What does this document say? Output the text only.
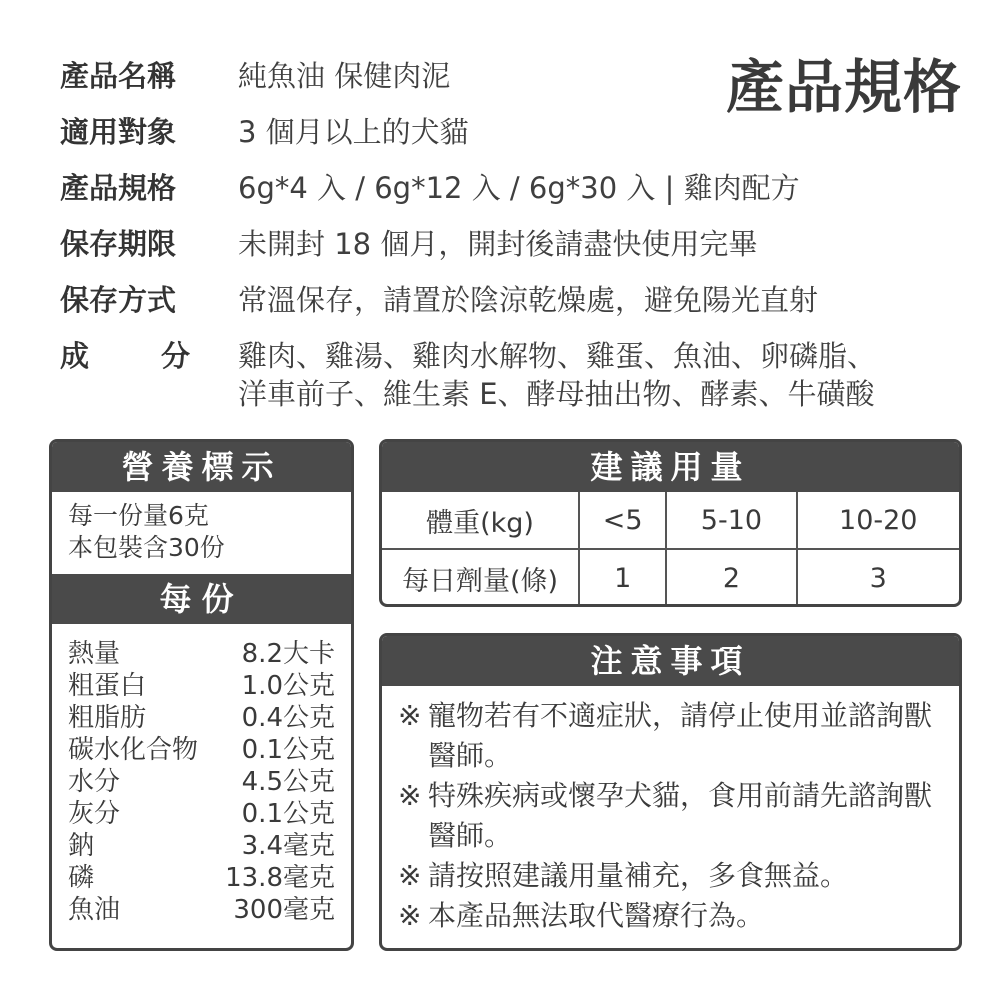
產品規格
產品名稱	純魚油 保健肉泥
適用對象	3 個月以上的犬貓
產品規格	6g*4 入 / 6g*12 入 / 6g*30 入 | 雞肉配方
保存期限	未開封 18 個月，開封後請盡快使用完畢
保存方式	常溫保存，請置於陰涼乾燥處，避免陽光直射
成 分 雞肉、雞湯、雞肉水解物、雞蛋、魚油、卵磷脂、
洋車前子、維生素 E、酵母抽出物、酵素、牛磺酸
營養標示
每一份量6克
本包裝含30份
每份
熱量	8.2大卡
粗蛋白	1.0公克
粗脂肪	0.4公克
碳水化合物 0.1公克
水分	4.5公克
灰分	0.1公克
鈉	3.4毫克
磷	13.8毫克
魚油	300毫克
建議用量
體重(kg)	<5	5-10	10-20
每日劑量(條)	1	2	3
注意事項
※ 寵物若有不適症狀，請停止使用並諮詢獸醫師。
※ 特殊疾病或懷孕犬貓，食用前請先諮詢獸醫師。
※ 請按照建議用量補充，多食無益。
※ 本產品無法取代醫療行為。
